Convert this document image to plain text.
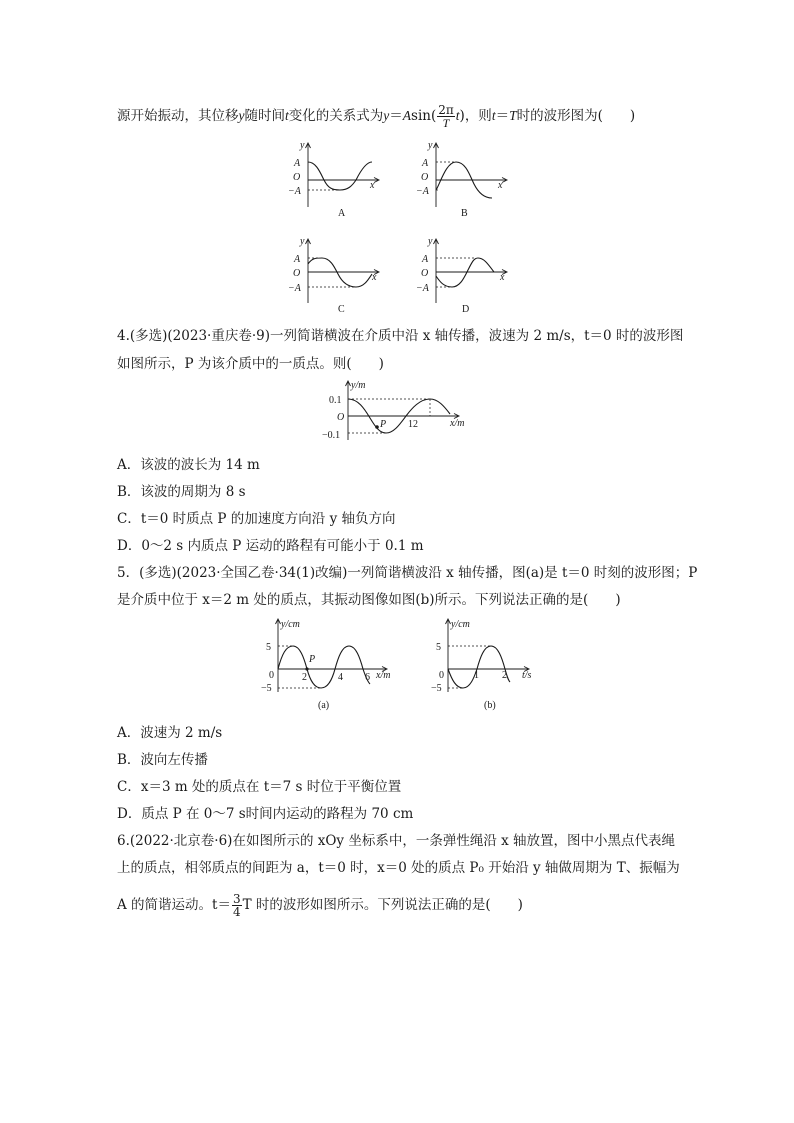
源开始振动，其位移y随时间t变化的关系式为$y=Asin( \frac{2\pi}{T} t)$，则t＝T时的波形图为(　　)
y
A
O
−A
x
A
y
A
O
−A
x
B
y
A
O
−A
x
C
y
A
O
−A
x
D
4.(多选)(2023·重庆卷·9)一列简谐横波在介质中沿 x 轴传播，波速为 2 m/s，t＝0 时的波形图
如图所示，P 为该介质中的一质点。则(　　)
y/m
0.1
O
−0.1
P 12	x/m
A．该波的波长为 14 m
B．该波的周期为 8 s
C．t＝0 时质点 P 的加速度方向沿 y 轴负方向
D．0～2 s 内质点 P 运动的路程有可能小于 0.1 m
5．(多选)(2023·全国乙卷·34(1)改编)一列简谐横波沿 x 轴传播，图(a)是 t＝0 时刻的波形图；P
是介质中位于 x＝2 m 处的质点，其振动图像如图(b)所示。下列说法正确的是(　　)
y/cm
5
0
−5
P
2	4 6 x/m
(a)
y/cm
5
0
−5
1 2 t/s
(b)
A．波速为 2 m/s
B．波向左传播
C．x＝3 m 处的质点在 t＝7 s 时位于平衡位置
D．质点 P 在 0～7 s时间内运动的路程为 70 cm
6.(2022·北京卷·6)在如图所示的 xOy 坐标系中，一条弹性绳沿 x 轴放置，图中小黑点代表绳
上的质点，相邻质点的间距为 a，t＝0 时，x＝0 处的质点 P₀ 开始沿 y 轴做周期为 T、振幅为
A 的简谐运动。$t= \frac{3}{4}$ T 时的波形如图所示。下列说法正确的是(　　)
